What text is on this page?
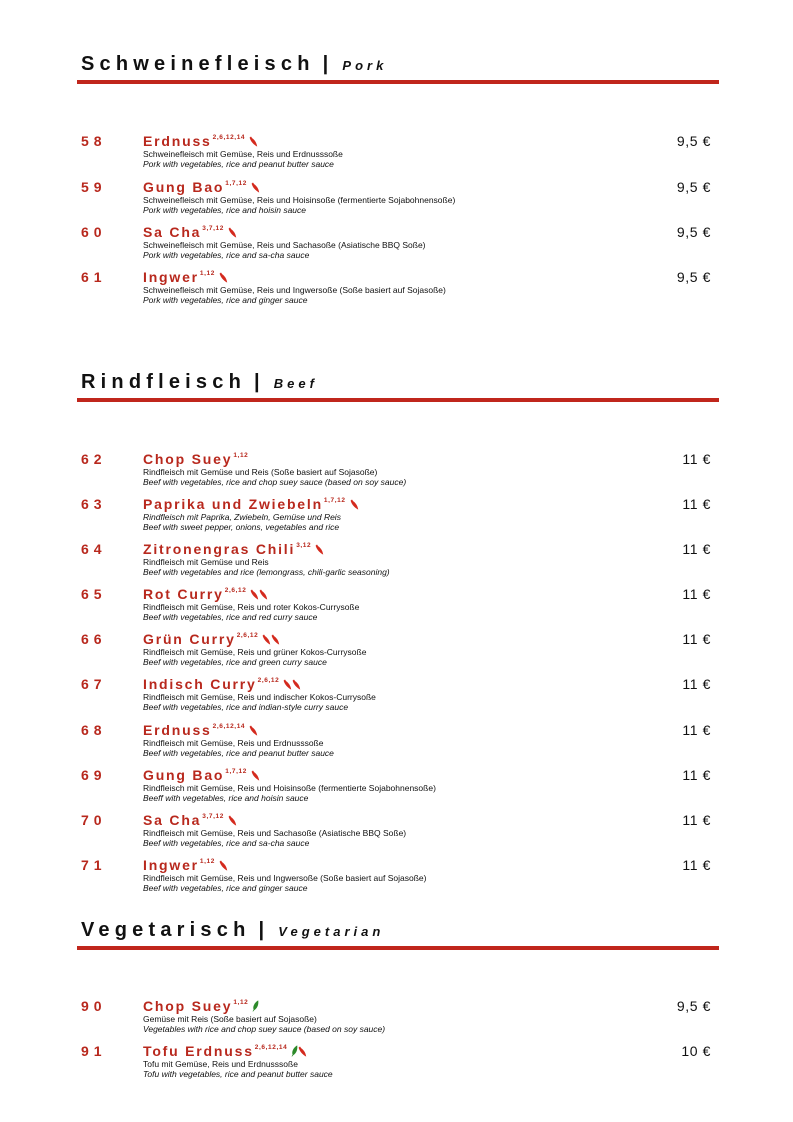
Schweinefleisch | Pork
58	Erdnuss$^{2,6,12,14}$
Schweinefleisch mit Gemüse, Reis und Erdnusssoße
Pork with vegetables, rice and peanut butter sauce
9,5 €
59	Gung Bao$^{1,7,12}$
Schweinefleisch mit Gemüse, Reis und Hoisinsoße (fermentierte Sojabohnensoße)
Pork with vegetables, rice and hoisin sauce
9,5 €
60	Sa Cha$^{3,7,12}$
Schweinefleisch mit Gemüse, Reis und Sachasoße (Asiatische BBQ Soße)
Pork with vegetables, rice and sa-cha sauce
9,5 €
61	Ingwer$^{1,12}$
Schweinefleisch mit Gemüse, Reis und Ingwersoße (Soße basiert auf Sojasoße)
Pork with vegetables, rice and ginger sauce
9,5 €
Rindfleisch | Beef
62	Chop Suey$^{1,12}$
Rindfleisch mit Gemüse und Reis (Soße basiert auf Sojasoße)
Beef with vegetables, rice and chop suey sauce (based on soy sauce)
11 €
63	Paprika und Zwiebeln$^{1,7,12}$
Rindfleisch mit Paprika, Zwiebeln, Gemüse und Reis
Beef with sweet pepper, onions, vegetables and rice
11 €
64	Zitronengras Chili$^{3,12}$
Rindfleisch mit Gemüse und Reis
Beef with vegetables and rice (lemongrass, chili-garlic seasoning)
11 €
65	Rot Curry$^{2,6,12}$
Rindfleisch mit Gemüse, Reis und roter Kokos-Currysoße
Beef with vegetables, rice and red curry sauce
11 €
66	Grün Curry$^{2,6,12}$
Rindfleisch mit Gemüse, Reis und grüner Kokos-Currysoße
Beef with vegetables, rice and green curry sauce
11 €
67	Indisch Curry$^{2,6,12}$
Rindfleisch mit Gemüse, Reis und indischer Kokos-Currysoße
Beef with vegetables, rice and indian-style curry sauce
11 €
68	Erdnuss$^{2,6,12,14}$
Rindfleisch mit Gemüse, Reis und Erdnusssoße
Beef with vegetables, rice and peanut butter sauce
11 €
69	Gung Bao$^{1,7,12}$
Rindfleisch mit Gemüse, Reis und Hoisinsoße (fermentierte Sojabohnensoße)
Beeff with vegetables, rice and hoisin sauce
11 €
70	Sa Cha$^{3,7,12}$
Rindfleisch mit Gemüse, Reis und Sachasoße (Asiatische BBQ Soße)
Beef with vegetables, rice and sa-cha sauce
11 €
71	Ingwer$^{1,12}$
Rindfleisch mit Gemüse, Reis und Ingwersoße (Soße basiert auf Sojasoße)
Beef with vegetables, rice and ginger sauce
11 €
Vegetarisch | Vegetarian
90	Chop Suey$^{1,12}$
Gemüse mit Reis (Soße basiert auf Sojasoße)
Vegetables with rice and chop suey sauce (based on soy sauce)
9,5 €
91	Tofu Erdnuss$^{2,6,12,14}$
Tofu mit Gemüse, Reis und Erdnusssoße
Tofu with vegetables, rice and peanut butter sauce
10 €
